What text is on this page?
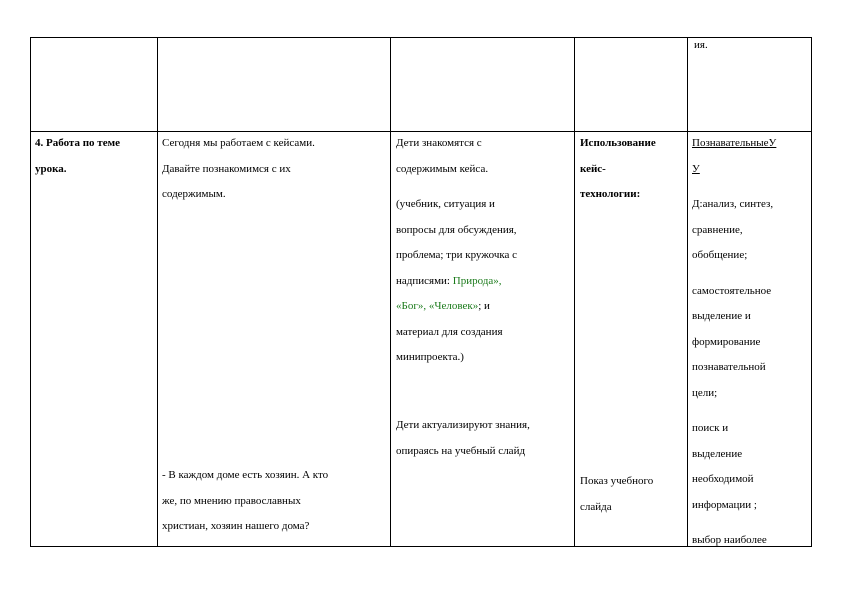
ия.

4. Работа по теме

урока.

Сегодня мы работаем с кейсами.

Давайте познакомимся с их

содержимым.

- В каждом доме есть хозяин. А кто

же, по мнению православных

христиан, хозяин нашего дома?

Дети знакомятся с

содержимым кейса.

(учебник, ситуация и

вопросы для обсуждения,

проблема; три кружочка с

надписями: Природа»,

«Бог», «Человек»; и

материал для создания

минипроекта.)

Дети актуализируют знания,

опираясь на учебный слайд

Использование

кейс-

технологии:

Показ учебного

слайда

ПознавательныеУ

У

Д:анализ, синтез,

сравнение,

обобщение;

самостоятельное

выделение и

формирование

познавательной

цели;

поиск и

выделение

необходимой

информации ;

выбор наиболее
